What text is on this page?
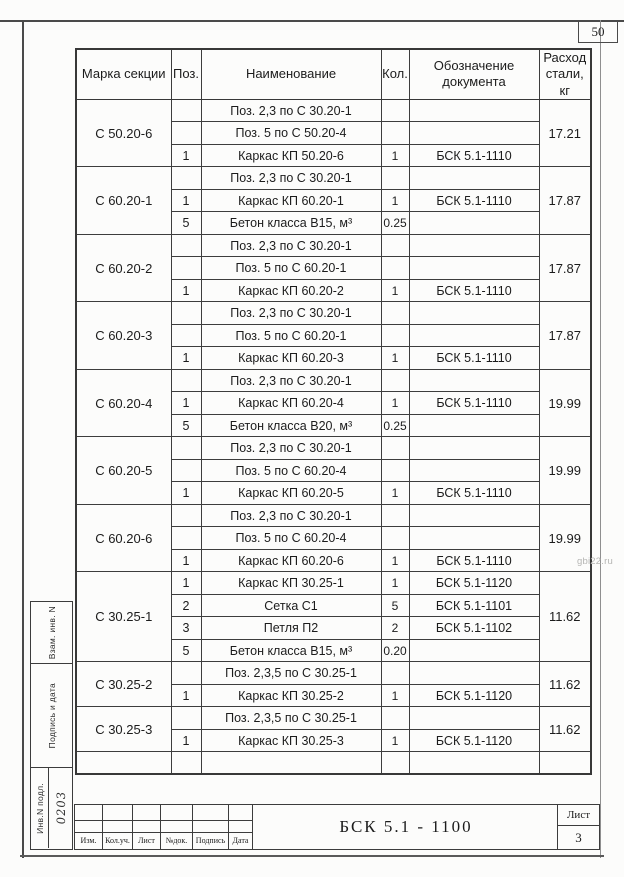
50
gbi22.ru
Марка секции	Поз.	Наименование	Кол.	Обозначение документа	Расход стали, кг
С 50.20-6		Поз. 2,3 по С 30.20-1			17.21
		Поз. 5 по С 50.20-4			
	1	Каркас КП 50.20-6	1	БСК 5.1-1110	
С 60.20-1		Поз. 2,3 по С 30.20-1			17.87
	1	Каркас КП 60.20-1	1	БСК 5.1-1110	
	5	Бетон класса В15, м³	0.25		
С 60.20-2		Поз. 2,3 по С 30.20-1			17.87
		Поз. 5 по С 60.20-1			
	1	Каркас КП 60.20-2	1	БСК 5.1-1110	
С 60.20-3		Поз. 2,3 по С 30.20-1			17.87
		Поз. 5 по С 60.20-1			
	1	Каркас КП 60.20-3	1	БСК 5.1-1110	
С 60.20-4		Поз. 2,3 по С 30.20-1			19.99
	1	Каркас КП 60.20-4	1	БСК 5.1-1110	
	5	Бетон класса В20, м³	0.25		
С 60.20-5		Поз. 2,3 по С 30.20-1			19.99
		Поз. 5 по С 60.20-4			
	1	Каркас КП 60.20-5	1	БСК 5.1-1110	
С 60.20-6		Поз. 2,3 по С 30.20-1			19.99
		Поз. 5 по С 60.20-4			
	1	Каркас КП 60.20-6	1	БСК 5.1-1110	
С 30.25-1	1	Каркас КП 30.25-1	1	БСК 5.1-1120	11.62
	2	Сетка С1	5	БСК 5.1-1101	
	3	Петля П2	2	БСК 5.1-1102	
	5	Бетон класса В15, м³	0.20		
С 30.25-2		Поз. 2,3,5 по С 30.25-1			11.62
	1	Каркас КП 30.25-2	1	БСК 5.1-1120	
С 30.25-3		Поз. 2,3,5 по С 30.25-1			11.62
	1	Каркас КП 30.25-3	1	БСК 5.1-1120	

Взам. инв. N
Подпись и дата
Инв.N подл. 0203
Изм. Кол.уч. Лист №док. Подпись Дата
БСК 5.1 - 1100
Лист
3
